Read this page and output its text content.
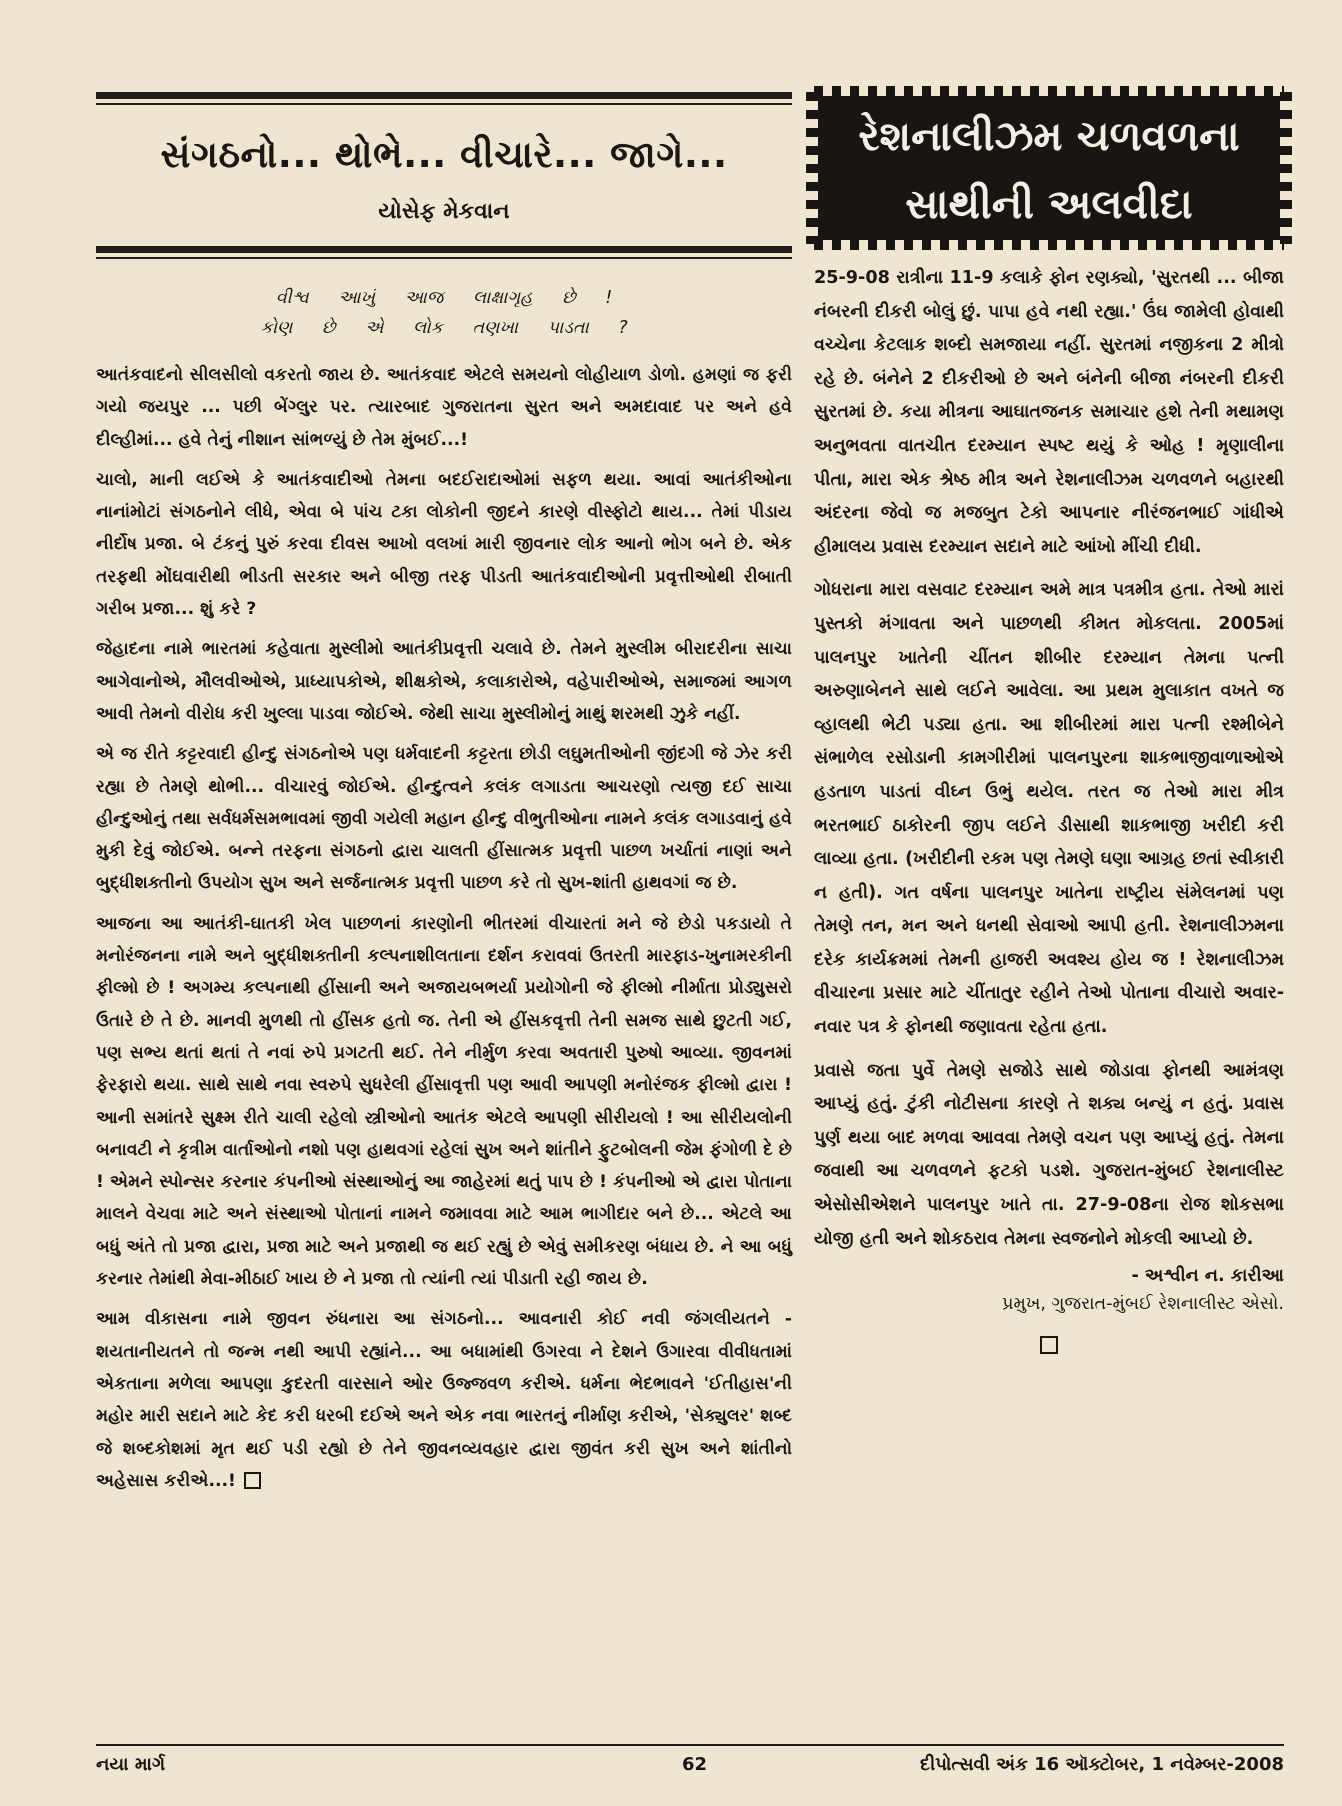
સંગઠનો... થોભે... વીચારે... જાગે...
યોસેફ મેકવાન
વીશ્વ આખું આજ લાક્ષાગૃહ છે !
કોણ છે એ લોક તણખા પાડતા ?

આતંકવાદનો સીલસીલો વકરતો જાય છે. આતંકવાદ એટલે સમયનો લોહીયાળ ડોળો. હમણાં જ ફરી ગયો જયપુર ... પછી બેંગ્લુર પર. ત્યારબાદ ગુજરાતના સુરત અને અમદાવાદ પર અને હવે દીલ્હીમાં... હવે તેનું નીશાન સાંભળ્યું છે તેમ મુંબઈ...!

ચાલો, માની લઈએ કે આતંકવાદીઓ તેમના બદઈરાદાઓમાં સફળ થયા. આવાં આતંકીઓના નાનાંમોટાં સંગઠનોને લીધે, એવા બે પાંચ ટકા લોકોની જીદને કારણે વીસ્ફોટો થાય... તેમાં પીડાય નીર્દોષ પ્રજા. બે ટંકનું પુરું કરવા દીવસ આખો વલખાં મારી જીવનાર લોક આનો ભોગ બને છે. એક તરફથી મોંઘવારીથી ભીડતી સરકાર અને બીજી તરફ પીડતી આતંકવાદીઓની પ્રવૃત્તીઓથી રીબાતી ગરીબ પ્રજા... શું કરે ?

જેહાદના નામે ભારતમાં કહેવાતા મુસ્લીમો આતંકીપ્રવૃત્તી ચલાવે છે. તેમને મુસ્લીમ બીરાદરીના સાચા આગેવાનોએ, મૌલવીઓએ, પ્રાધ્યાપકોએ, શીક્ષકોએ, કલાકારોએ, વહેપારીઓએ, સમાજમાં આગળ આવી તેમનો વીરોધ કરી ખુલ્લા પાડવા જોઈએ. જેથી સાચા મુસ્લીમોનું માથું શરમથી ઝુકે નહીં.

એ જ રીતે કટ્ટરવાદી હીન્દુ સંગઠનોએ પણ ધર્મવાદની કટ્ટરતા છોડી લઘુમતીઓની જીંદગી જે ઝેર કરી રહ્યા છે તેમણે થોભી... વીચારવું જોઈએ. હીન્દુત્વને કલંક લગાડતા આચરણો ત્યજી દઈ સાચા હીન્દુઓનું તથા સર્વધર્મસમભાવમાં જીવી ગયેલી મહાન હીન્દુ વીભુતીઓના નામને કલંક લગાડવાનું હવે મુકી દેવું જોઈએ. બન્ને તરફના સંગઠનો દ્વારા ચાલતી હીંસાત્મક પ્રવૃત્તી પાછળ ખર્ચાતાં નાણાં અને બુદ્ધીશક્તીનો ઉપયોગ સુખ અને સર્જનાત્મક પ્રવૃત્તી પાછળ કરે તો સુખ-શાંતી હાથવગાં જ છે.

આજના આ આતંકી-ઘાતકી ખેલ પાછળનાં કારણોની ભીતરમાં વીચારતાં મને જે છેડો પકડાયો તે મનોરંજનના નામે અને બુદ્ધીશક્તીની કલ્પનાશીલતાના દર્શન કરાવવાં ઉતરતી મારફાડ-ખુનામરકીની ફીલ્મો છે ! અગમ્ય કલ્પનાથી હીંસાની અને અજાયબભર્યા પ્રયોગોની જે ફીલ્મો નીર્માતા પ્રોડ્યુસરો ઉતારે છે તે છે. માનવી મુળથી તો હીંસક હતો જ. તેની એ હીંસકવૃત્તી તેની સમજ સાથે છુટતી ગઈ, પણ સભ્ય થતાં થતાં તે નવાં રુપે પ્રગટતી થઈ. તેને નીર્મુળ કરવા અવતારી પુરુષો આવ્યા. જીવનમાં ફેરફારો થયા. સાથે સાથે નવા સ્વરુપે સુધરેલી હીંસાવૃત્તી પણ આવી આપણી મનોરંજક ફીલ્મો દ્વારા ! આની સમાંતરે સુક્ષ્મ રીતે ચાલી રહેલો સ્ત્રીઓનો આતંક એટલે આપણી સીરીયલો ! આ સીરીયલોની બનાવટી ને કૃત્રીમ વાર્તાઓનો નશો પણ હાથવગાં રહેલાં સુખ અને શાંતીને ફુટબોલની જેમ ફંગોળી દે છે ! એમને સ્પોન્સર કરનાર કંપનીઓ સંસ્થાઓનું આ જાહેરમાં થતું પાપ છે ! કંપનીઓ એ દ્વારા પોતાના માલને વેચવા માટે અને સંસ્થાઓ પોતાનાં નામને જમાવવા માટે આમ ભાગીદાર બને છે... એટલે આ બધું અંતે તો પ્રજા દ્વારા, પ્રજા માટે અને પ્રજાથી જ થઈ રહ્યું છે એવું સમીકરણ બંધાય છે. ને આ બધું કરનાર તેમાંથી મેવા-મીઠાઈ ખાય છે ને પ્રજા તો ત્યાંની ત્યાં પીડાતી રહી જાય છે.

આમ વીકાસના નામે જીવન રુંધનારા આ સંગઠનો... આવનારી કોઈ નવી જંગલીયતને - શયતાનીયતને તો જન્મ નથી આપી રહ્યાંને... આ બધામાંથી ઉગરવા ને દેશને ઉગારવા વીવીધતામાં એકતાના મળેલા આપણા કુદરતી વારસાને ઓર ઉજ્જવળ કરીએ. ધર્મના ભેદભાવને 'ઈતીહાસ'ની મહોર મારી સદાને માટે કેદ કરી ધરબી દઈએ અને એક નવા ભારતનું નીર્માણ કરીએ, 'સેક્યુલર' શબ્દ જે શબ્દકોશમાં મૃત થઈ પડી રહ્યો છે તેને જીવનવ્યવહાર દ્વારા જીવંત કરી સુખ અને શાંતીનો અહેસાસ કરીએ...!

રેશનાલીઝમ ચળવળના
સાથીની અલવીદા

25-9-08 રાત્રીના 11-9 કલાકે ફોન રણક્યો, 'સુરતથી ... બીજા નંબરની દીકરી બોલું છું. પાપા હવે નથી રહ્યા.' ઉંઘ જામેલી હોવાથી વચ્ચેના કેટલાક શબ્દો સમજાયા નહીં. સુરતમાં નજીકના 2 મીત્રો રહે છે. બંનેને 2 દીકરીઓ છે અને બંનેની બીજા નંબરની દીકરી સુરતમાં છે. કયા મીત્રના આઘાતજનક સમાચાર હશે તેની મથામણ અનુભવતા વાતચીત દરમ્યાન સ્પષ્ટ થયું કે ઓહ ! મૃણાલીના પીતા, મારા એક શ્રેષ્ઠ મીત્ર અને રેશનાલીઝમ ચળવળને બહારથી અંદરના જેવો જ મજબુત ટેકો આપનાર નીરંજનભાઈ ગાંધીએ હીમાલય પ્રવાસ દરમ્યાન સદાને માટે આંખો મીંચી દીધી.

ગોધરાના મારા વસવાટ દરમ્યાન અમે માત્ર પત્રમીત્ર હતા. તેઓ મારાં પુસ્તકો મંગાવતા અને પાછળથી કીમત મોકલતા. 2005માં પાલનપુર ખાતેની ચીંતન શીબીર દરમ્યાન તેમના પત્ની અરુણાબેનને સાથે લઈને આવેલા. આ પ્રથમ મુલાકાત વખતે જ વ્હાલથી ભેટી પડ્યા હતા. આ શીબીરમાં મારા પત્ની રશ્મીબેને સંભાળેલ રસોડાની કામગીરીમાં પાલનપુરના શાકભાજીવાળાઓએ હડતાળ પાડતાં વીઘ્ન ઉભું થયેલ. તરત જ તેઓ મારા મીત્ર ભરતભાઈ ઠાકોરની જીપ લઈને ડીસાથી શાકભાજી ખરીદી કરી લાવ્યા હતા. (ખરીદીની રકમ પણ તેમણે ઘણા આગ્રહ છતાં સ્વીકારી ન હતી). ગત વર્ષના પાલનપુર ખાતેના રાષ્ટ્રીય સંમેલનમાં પણ તેમણે તન, મન અને ધનથી સેવાઓ આપી હતી. રેશનાલીઝમના દરેક કાર્યક્રમમાં તેમની હાજરી અવશ્ય હોય જ ! રેશનાલીઝમ વીચારના પ્રસાર માટે ચીંતાતુર રહીને તેઓ પોતાના વીચારો અવાર-નવાર પત્ર કે ફોનથી જણાવતા રહેતા હતા.

પ્રવાસે જતા પુર્વે તેમણે સજોડે સાથે જોડાવા ફોનથી આમંત્રણ આપ્યું હતું. ટુંકી નોટીસના કારણે તે શક્ય બન્યું ન હતું. પ્રવાસ પુર્ણ થયા બાદ મળવા આવવા તેમણે વચન પણ આપ્યું હતું. તેમના જવાથી આ ચળવળને ફટકો પડશે. ગુજરાત-મુંબઈ રેશનાલીસ્ટ એસોસીએશને પાલનપુર ખાતે તા. 27-9-08ના રોજ શોકસભા યોજી હતી અને શોકઠરાવ તેમના સ્વજનોને મોકલી આપ્યો છે.

- અશ્વીન ન. કારીઆ
પ્રમુખ, ગુજરાત-મુંબઈ રેશનાલીસ્ટ એસો.
નયા માર્ગ	62	દીપોત્સવી અંક 16 ઑક્ટોબર, 1 નવેમ્બર-2008
